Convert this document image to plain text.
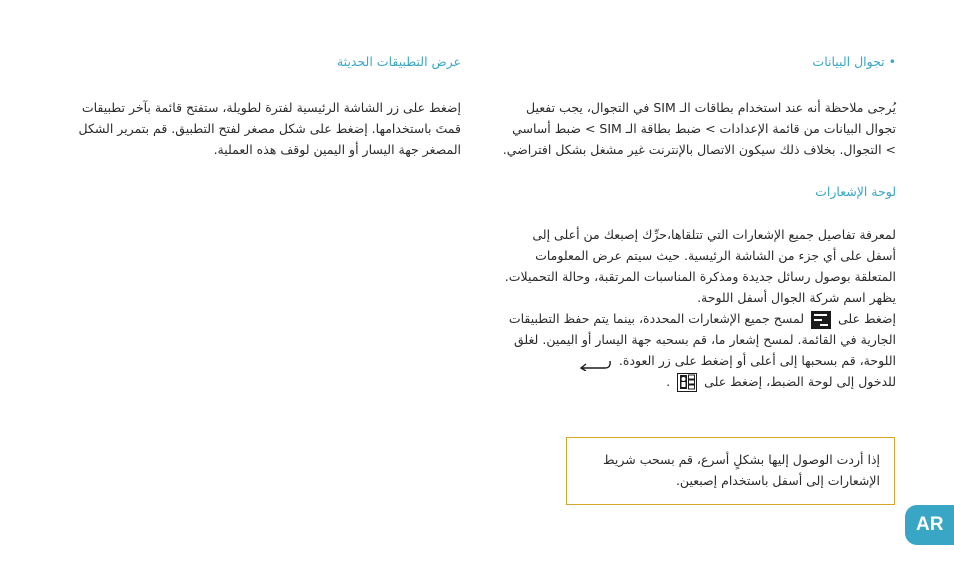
• تجوال البيانات

يُرجى ملاحظة أنه عند استخدام بطاقات الـ SIM في التجوال، يجب تفعيل تجوال البيانات من قائمة الإعدادات > ضبط بطاقة الـ SIM > ضبط أساسي > التجوال. بخلاف ذلك سيكون الاتصال بالإنترنت غير مشغل بشكل افتراضي.

لوحة الإشعارات

لمعرفة تفاصيل جميع الإشعارات التي تتلقاها،حرِّك إصبعك من أعلى إلى أسفل على أي جزء من الشاشة الرئيسية. حيث سيتم عرض المعلومات المتعلقة بوصول رسائل جديدة ومذكرة المناسبات المرتقبة، وحالة التحميلات. يظهر اسم شركة الجوال أسفل اللوحة.

إضغط على  لمسح جميع الإشعارات المحددة، بينما يتم حفظ التطبيقات الجارية في القائمة. لمسح إشعار ما، قم بسحبه جهة اليسار أو اليمين. لغلق اللوحة، قم بسحبها إلى أعلى أو إضغط على زر العودة.

للدخول إلى لوحة الضبط، إضغط على  .

عرض التطبيقات الحديثة

إضغط على زر الشاشة الرئيسية لفترة لطويلة، ستفتح قائمة بآخر تطبيقات قمتَ باستخدامها. إضغط على شكل مصغر لفتح التطبيق. قم بتمرير الشكل المصغر جهة اليسار أو اليمين لوقف هذه العملية.

إذا أردت الوصول إليها بشكلٍ أسرع، قم بسحب شريط الإشعارات إلى أسفل باستخدام إصبعين.
AR
